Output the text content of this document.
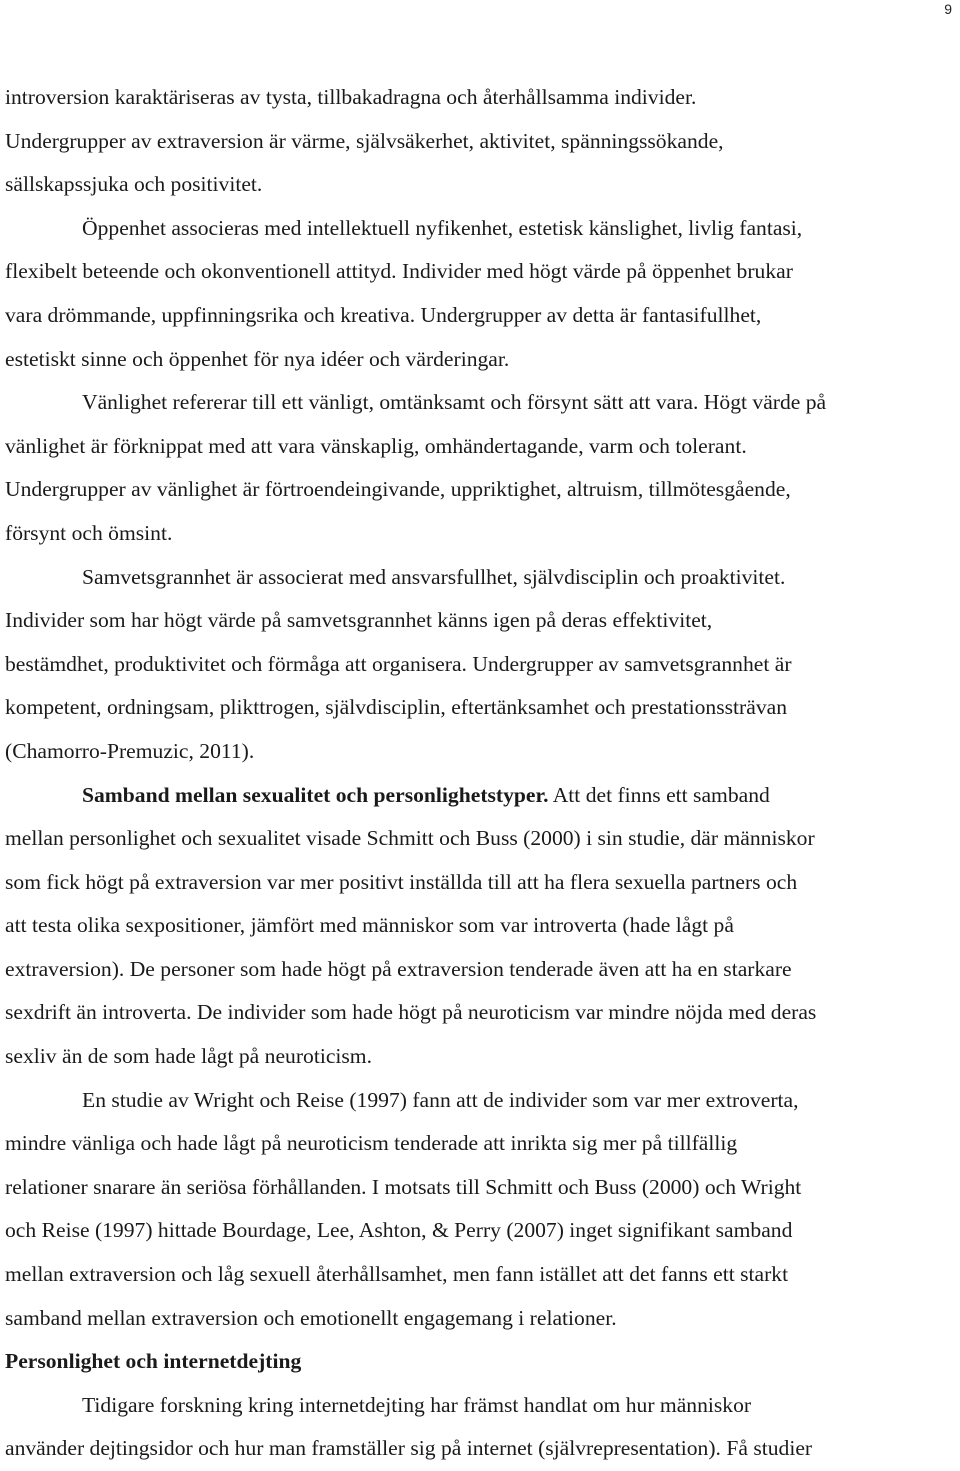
9
introversion karaktäriseras av tysta, tillbakadragna och återhållsamma individer.
Undergrupper av extraversion är värme, självsäkerhet, aktivitet, spänningssökande,
sällskapssjuka och positivitet.
Öppenhet associeras med intellektuell nyfikenhet, estetisk känslighet, livlig fantasi,
flexibelt beteende och okonventionell attityd. Individer med högt värde på öppenhet brukar
vara drömmande, uppfinningsrika och kreativa. Undergrupper av detta är fantasifullhet,
estetiskt sinne och öppenhet för nya idéer och värderingar.
Vänlighet refererar till ett vänligt, omtänksamt och försynt sätt att vara. Högt värde på
vänlighet är förknippat med att vara vänskaplig, omhändertagande, varm och tolerant.
Undergrupper av vänlighet är förtroendeingivande, uppriktighet, altruism, tillmötesgående,
försynt och ömsint.
Samvetsgrannhet är associerat med ansvarsfullhet, självdisciplin och proaktivitet.
Individer som har högt värde på samvetsgrannhet känns igen på deras effektivitet,
bestämdhet, produktivitet och förmåga att organisera. Undergrupper av samvetsgrannhet är
kompetent, ordningsam, plikttrogen, självdisciplin, eftertänksamhet och prestationssträvan
(Chamorro-Premuzic, 2011).
Samband mellan sexualitet och personlighetstyper. Att det finns ett samband
mellan personlighet och sexualitet visade Schmitt och Buss (2000) i sin studie, där människor
som fick högt på extraversion var mer positivt inställda till att ha flera sexuella partners och
att testa olika sexpositioner, jämfört med människor som var introverta (hade lågt på
extraversion). De personer som hade högt på extraversion tenderade även att ha en starkare
sexdrift än introverta. De individer som hade högt på neuroticism var mindre nöjda med deras
sexliv än de som hade lågt på neuroticism.
En studie av Wright och Reise (1997) fann att de individer som var mer extroverta,
mindre vänliga och hade lågt på neuroticism tenderade att inrikta sig mer på tillfällig
relationer snarare än seriösa förhållanden. I motsats till Schmitt och Buss (2000) och Wright
och Reise (1997) hittade Bourdage, Lee, Ashton, & Perry (2007) inget signifikant samband
mellan extraversion och låg sexuell återhållsamhet, men fann istället att det fanns ett starkt
samband mellan extraversion och emotionellt engagemang i relationer.
Personlighet och internetdejting
Tidigare forskning kring internetdejting har främst handlat om hur människor
använder dejtingsidor och hur man framställer sig på internet (självrepresentation). Få studier
